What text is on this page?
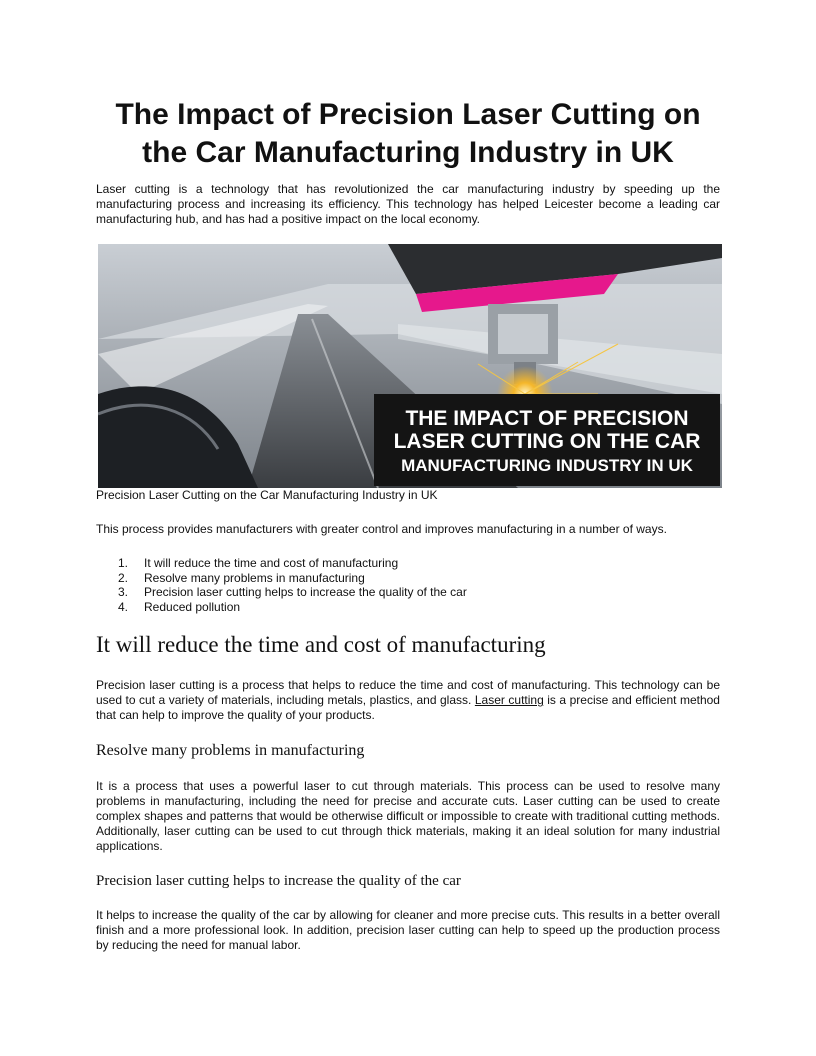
The Impact of Precision Laser Cutting on the Car Manufacturing Industry in UK

Laser cutting is a technology that has revolutionized the car manufacturing industry by speeding up the manufacturing process and increasing its efficiency. This technology has helped Leicester become a leading car manufacturing hub, and has had a positive impact on the local economy.

THE IMPACT OF PRECISION
LASER CUTTING ON THE CAR
MANUFACTURING INDUSTRY IN UK

Precision Laser Cutting on the Car Manufacturing Industry in UK

This process provides manufacturers with greater control and improves manufacturing in a number of ways.

1. It will reduce the time and cost of manufacturing
2. Resolve many problems in manufacturing
3. Precision laser cutting helps to increase the quality of the car
4. Reduced pollution
It will reduce the time and cost of manufacturing

Precision laser cutting is a process that helps to reduce the time and cost of manufacturing. This technology can be used to cut a variety of materials, including metals, plastics, and glass. Laser cutting is a precise and efficient method that can help to improve the quality of your products.

Resolve many problems in manufacturing

It is a process that uses a powerful laser to cut through materials. This process can be used to resolve many problems in manufacturing, including the need for precise and accurate cuts. Laser cutting can be used to create complex shapes and patterns that would be otherwise difficult or impossible to create with traditional cutting methods. Additionally, laser cutting can be used to cut through thick materials, making it an ideal solution for many industrial applications.

Precision laser cutting helps to increase the quality of the car

It helps to increase the quality of the car by allowing for cleaner and more precise cuts. This results in a better overall finish and a more professional look. In addition, precision laser cutting can help to speed up the production process by reducing the need for manual labor.
